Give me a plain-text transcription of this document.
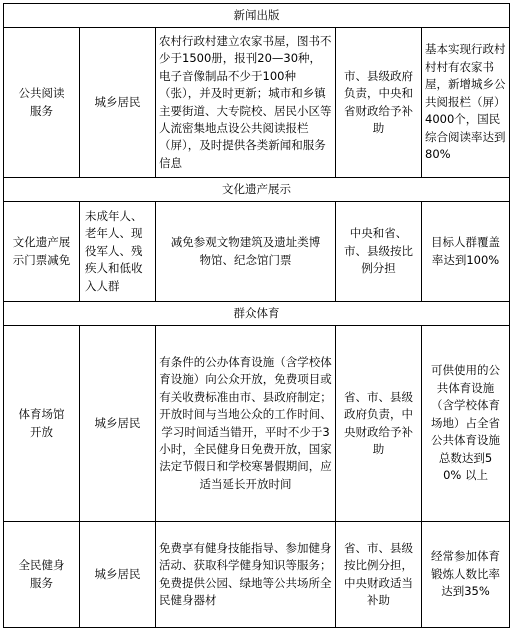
新闻出版				
公共阅读服务	城乡居民	农村行政村建立农家书屋，图书不少于1500册，报刊20—30种，电子音像制品不少于100种（张），并及时更新；城市和乡镇主要街道、大专院校、居民小区等人流密集地点设公共阅读报栏（屏），及时提供各类新闻和服务信息	市、县级政府负责，中央和省财政给予补助	基本实现行政村村村有农家书屋，新增城乡公共阅报栏（屏）4000个，国民综合阅读率达到80%
文化遗产展示				
文化遗产展示门票减免	未成年人、老年人、现役军人、残疾人和低收入人群	减免参观文物建筑及遗址类博物馆、纪念馆门票	中央和省、市、县级按比例分担	目标人群覆盖率达到100%
群众体育				
体育场馆开放	城乡居民	有条件的公办体育设施（含学校体育设施）向公众开放，免费项目或有关收费标准由市、县政府制定；开放时间与当地公众的工作时间、学习时间适当错开，平时不少于3小时，全民健身日免费开放，国家法定节假日和学校寒暑假期间，应适当延长开放时间	省、市、县级政府负责，中央财政给予补助	可供使用的公共体育设施（含学校体育场地）占全省公共体育设施总数达到50% 以上
全民健身服务	城乡居民	免费享有健身技能指导、参加健身活动、获取科学健身知识等服务；免费提供公园、绿地等公共场所全民健身器材	省、市、县级按比例分担，中央财政适当补助	经常参加体育锻炼人数比率达到35%
